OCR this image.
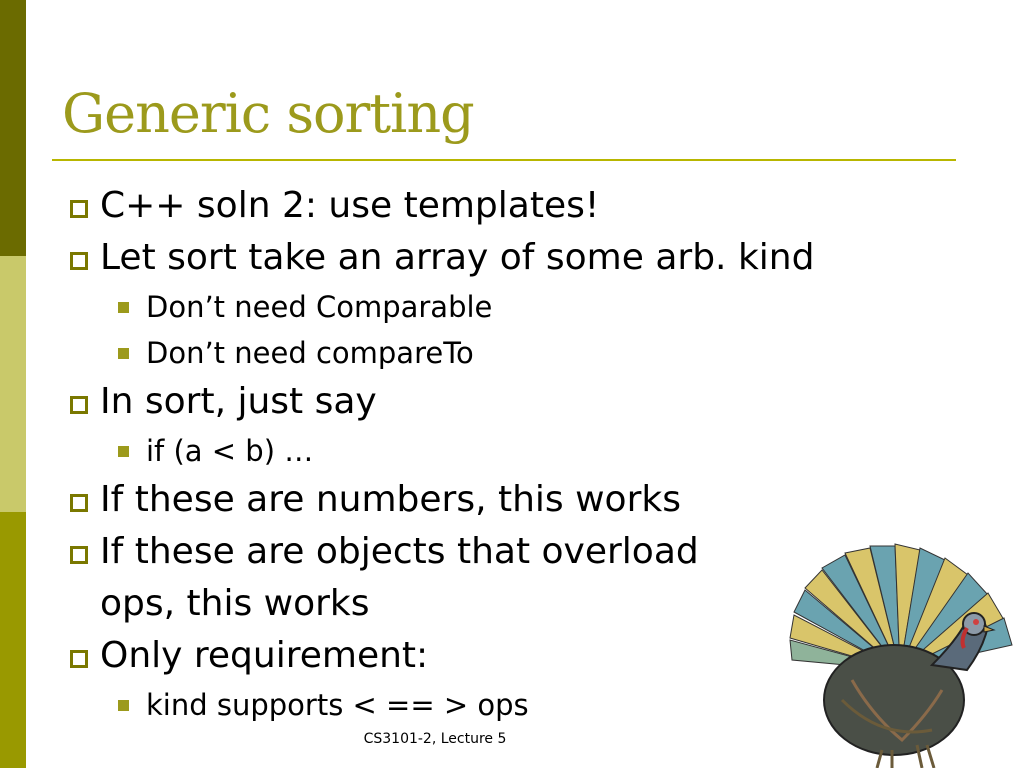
Generic sorting
C++ soln 2: use templates!
Let sort take an array of some arb. kind
Don’t need Comparable
Don’t need compareTo
In sort, just say
if (a < b) …
If these are numbers, this works
If these are objects that overload
ops, this works
Only requirement:
kind supports < == > ops
CS3101-2, Lecture 5
